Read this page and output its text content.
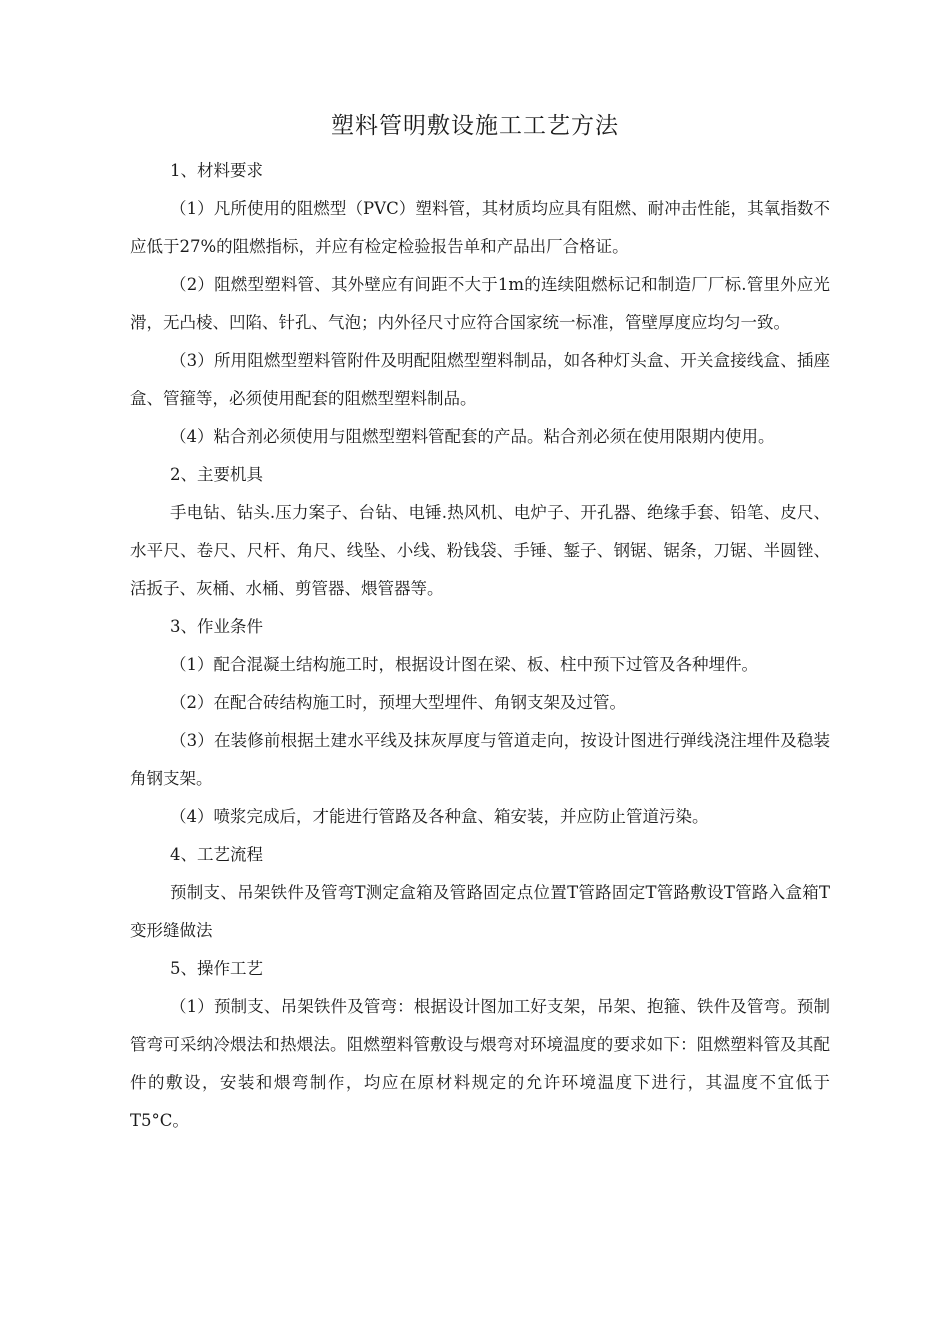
塑料管明敷设施工工艺方法

1、材料要求

（1）凡所使用的阻燃型（PVC）塑料管，其材质均应具有阻燃、耐冲击性能，其氧指数不应低于27%的阻燃指标，并应有检定检验报告单和产品出厂合格证。

（2）阻燃型塑料管、其外壁应有间距不大于1m的连续阻燃标记和制造厂厂标.管里外应光滑，无凸棱、凹陷、针孔、气泡；内外径尺寸应符合国家统一标准，管壁厚度应均匀一致。

（3）所用阻燃型塑料管附件及明配阻燃型塑料制品，如各种灯头盒、开关盒接线盒、插座盒、管箍等，必须使用配套的阻燃型塑料制品。

（4）粘合剂必须使用与阻燃型塑料管配套的产品。粘合剂必须在使用限期内使用。

2、主要机具

手电钻、钻头.压力案子、台钻、电锤.热风机、电炉子、开孔器、绝缘手套、铅笔、皮尺、水平尺、卷尺、尺杆、角尺、线坠、小线、粉钱袋、手锤、錾子、钢锯、锯条，刀锯、半圆锉、活扳子、灰桶、水桶、剪管器、煨管器等。

3、作业条件

（1）配合混凝土结构施工时，根据设计图在梁、板、柱中预下过管及各种埋件。

（2）在配合砖结构施工时，预埋大型埋件、角钢支架及过管。

（3）在装修前根据土建水平线及抹灰厚度与管道走向，按设计图进行弹线浇注埋件及稳装角钢支架。

（4）喷浆完成后，才能进行管路及各种盒、箱安装，并应防止管道污染。

4、工艺流程

预制支、吊架铁件及管弯T测定盒箱及管路固定点位置T管路固定T管路敷设T管路入盒箱T变形缝做法

5、操作工艺

（1）预制支、吊架铁件及管弯：根据设计图加工好支架，吊架、抱箍、铁件及管弯。预制管弯可采纳冷煨法和热煨法。阻燃塑料管敷设与煨弯对环境温度的要求如下：阻燃塑料管及其配件的敷设，安装和煨弯制作，均应在原材料规定的允许环境温度下进行，其温度不宜低于T5°C。
